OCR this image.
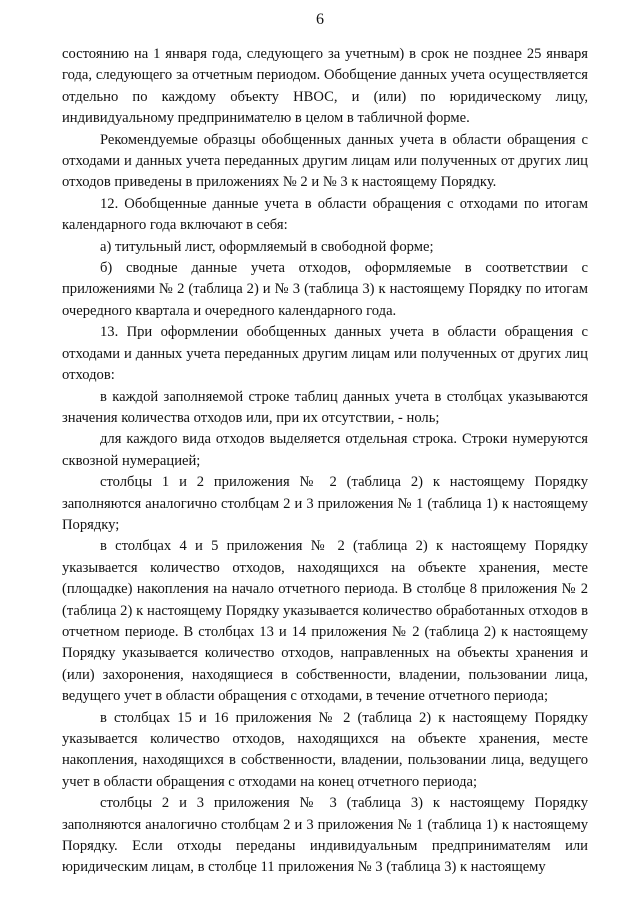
6

состоянию на 1 января года, следующего за учетным) в срок не позднее 25 января года, следующего за отчетным периодом. Обобщение данных учета осуществляется отдельно по каждому объекту НВОС, и (или) по юридическому лицу, индивидуальному предпринимателю в целом в табличной форме.

Рекомендуемые образцы обобщенных данных учета в области обращения с отходами и данных учета переданных другим лицам или полученных от других лиц отходов приведены в приложениях № 2 и № 3 к настоящему Порядку.

12. Обобщенные данные учета в области обращения с отходами по итогам календарного года включают в себя:

а) титульный лист, оформляемый в свободной форме;

б) сводные данные учета отходов, оформляемые в соответствии с приложениями № 2 (таблица 2) и № 3 (таблица 3) к настоящему Порядку по итогам очередного квартала и очередного календарного года.

13. При оформлении обобщенных данных учета в области обращения с отходами и данных учета переданных другим лицам или полученных от других лиц отходов:

в каждой заполняемой строке таблиц данных учета в столбцах указываются значения количества отходов или, при их отсутствии, - ноль;

для каждого вида отходов выделяется отдельная строка. Строки нумеруются сквозной нумерацией;

столбцы 1 и 2 приложения № 2 (таблица 2) к настоящему Порядку заполняются аналогично столбцам 2 и 3 приложения № 1 (таблица 1) к настоящему Порядку;

в столбцах 4 и 5 приложения № 2 (таблица 2) к настоящему Порядку указывается количество отходов, находящихся на объекте хранения, месте (площадке) накопления на начало отчетного периода. В столбце 8 приложения № 2 (таблица 2) к настоящему Порядку указывается количество обработанных отходов в отчетном периоде. В столбцах 13 и 14 приложения № 2 (таблица 2) к настоящему Порядку указывается количество отходов, направленных на объекты хранения и (или) захоронения, находящиеся в собственности, владении, пользовании лица, ведущего учет в области обращения с отходами, в течение отчетного периода;

в столбцах 15 и 16 приложения № 2 (таблица 2) к настоящему Порядку указывается количество отходов, находящихся на объекте хранения, месте накопления, находящихся в собственности, владении, пользовании лица, ведущего учет в области обращения с отходами на конец отчетного периода;

столбцы 2 и 3 приложения № 3 (таблица 3) к настоящему Порядку заполняются аналогично столбцам 2 и 3 приложения № 1 (таблица 1) к настоящему Порядку. Если отходы переданы индивидуальным предпринимателям или юридическим лицам, в столбце 11 приложения № 3 (таблица 3) к настоящему
